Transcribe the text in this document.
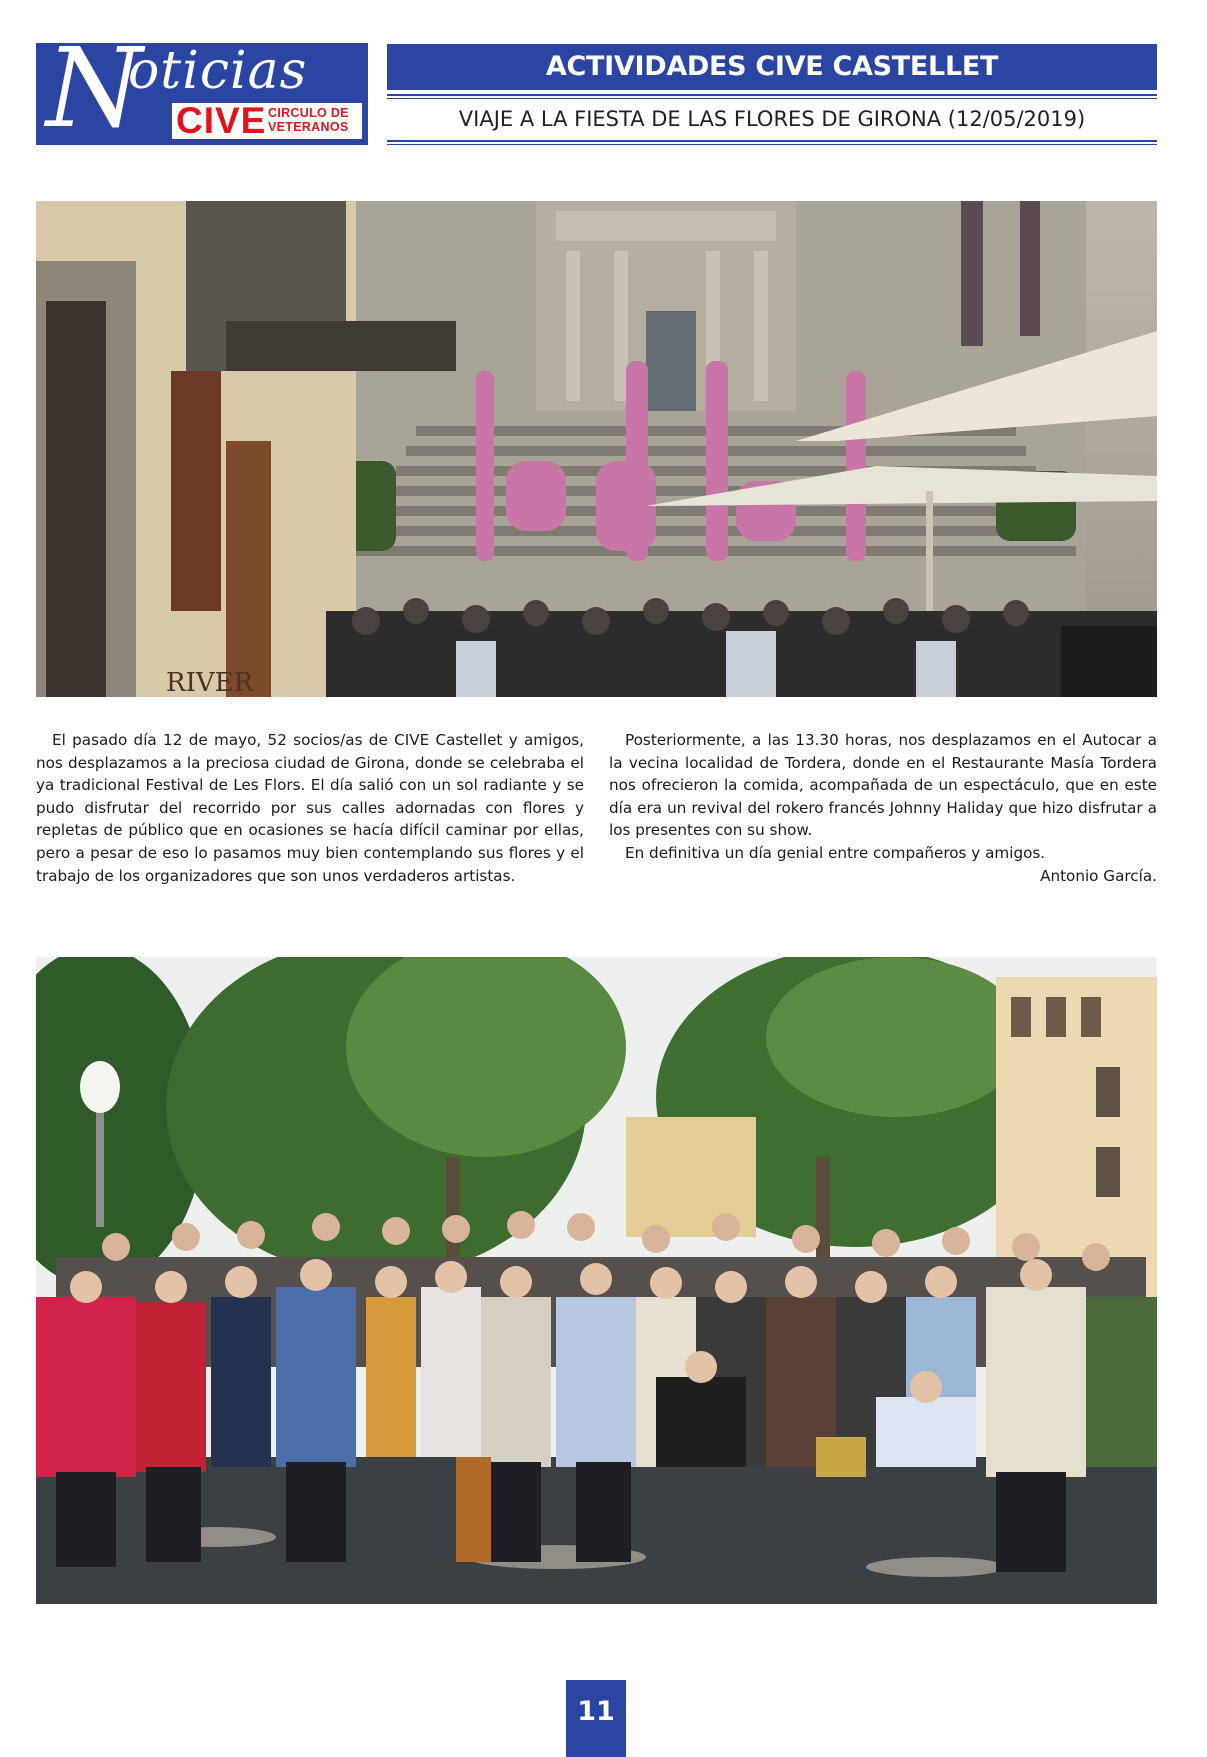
N
oticias
CIVE CIRCULO DE
VETERANOS
ACTIVIDADES CIVE CASTELLET
VIAJE A LA FIESTA DE LAS FLORES DE GIRONA (12/05/2019)
RIVER

El pasado día 12 de mayo, 52 socios/as de CIVE Castellet y amigos, nos desplazamos a la preciosa ciudad de Girona, donde se celebraba el ya tradicional Festival de Les Flors. El día salió con un sol radiante y se pudo disfrutar del recorrido por sus calles adornadas con flores y repletas de público que en ocasiones se hacía difícil caminar por ellas, pero a pesar de eso lo pasamos muy bien contemplando sus flores y el trabajo de los organizadores que son unos verdaderos artistas.

Posteriormente, a las 13.30 horas, nos desplazamos en el Autocar a la vecina localidad de Tordera, donde en el Restaurante Masía Tordera nos ofrecieron la comida, acompañada de un espectáculo, que en este día era un revival del rokero francés Johnny Haliday que hizo disfrutar a los presentes con su show.

En definitiva un día genial entre compañeros y amigos.

Antonio García.

11
